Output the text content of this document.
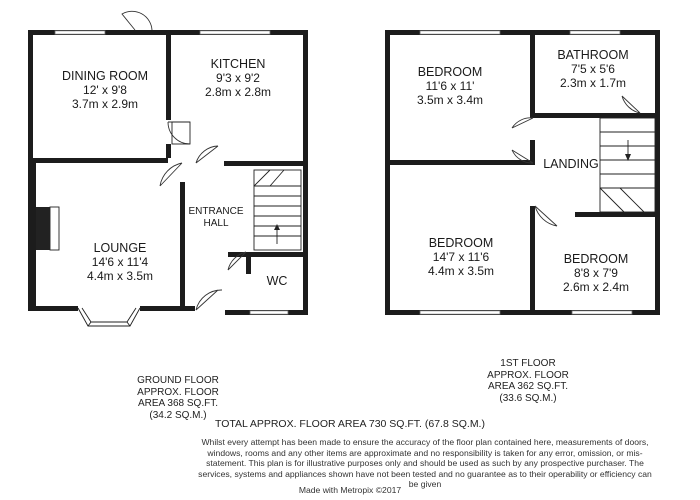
DINING ROOM
12' x 9'8
3.7m x 2.9m
KITCHEN
9'3 x 9'2
2.8m x 2.8m
ENTRANCE
HALL
LOUNGE
14'6 x 11'4
4.4m x 3.5m	WC
BEDROOM
11'6 x 11'
3.5m x 3.4m
BATHROOM
7'5 x 5'6
2.3m x 1.7m
LANDING
BEDROOM
14'7 x 11'6
4.4m x 3.5m
BEDROOM
8'8 x 7'9
2.6m x 2.4m
GROUND FLOOR
APPROX. FLOOR
AREA 368 SQ.FT.
(34.2 SQ.M.)
1ST FLOOR
APPROX. FLOOR
AREA 362 SQ.FT.
(33.6 SQ.M.)
TOTAL APPROX. FLOOR AREA 730 SQ.FT. (67.8 SQ.M.)
Whilst every attempt has been made to ensure the accuracy of the floor plan contained here, measurements of doors, windows, rooms and any other items are approximate and no responsibility is taken for any error, omission, or mis-statement. This plan is for illustrative purposes only and should be used as such by any prospective purchaser. The services, systems and appliances shown have not been tested and no guarantee as to their operability or efficiency can be given
Made with Metropix ©2017
